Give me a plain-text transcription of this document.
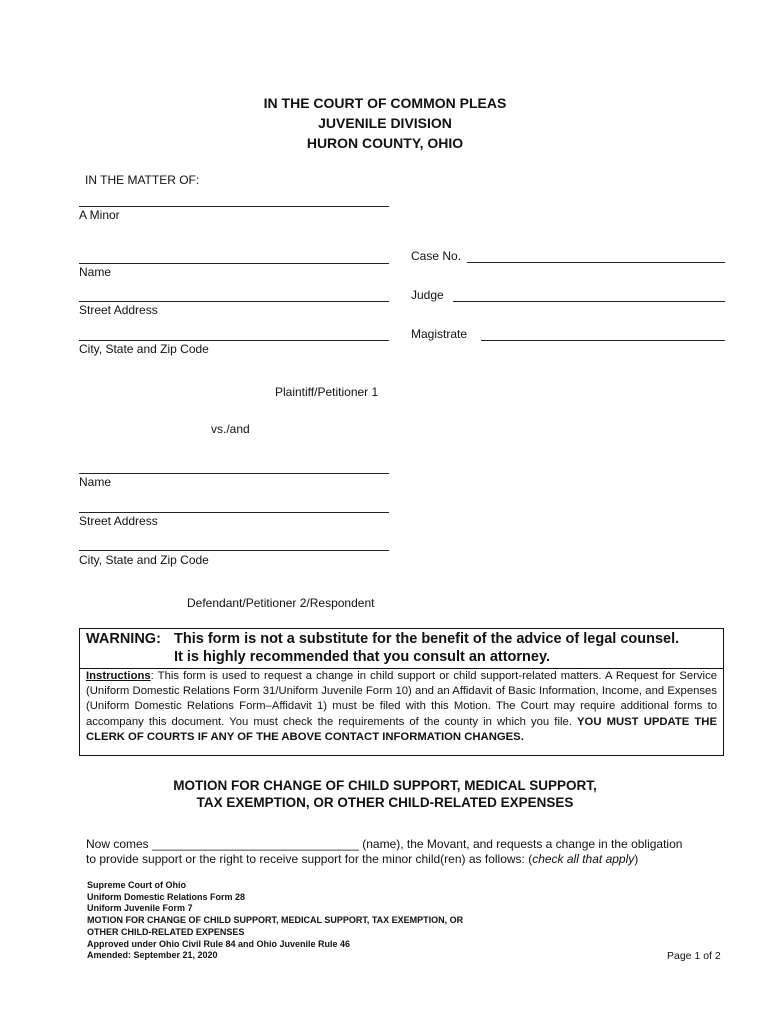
IN THE COURT OF COMMON PLEAS
JUVENILE DIVISION
HURON COUNTY, OHIO
IN THE MATTER OF:
A Minor
Name
Street Address
City, State and Zip Code
Plaintiff/Petitioner 1
Case No.
Judge
Magistrate
vs./and
Name
Street Address
City, State and Zip Code
Defendant/Petitioner 2/Respondent
WARNING: This form is not a substitute for the benefit of the advice of legal counsel.
It is highly recommended that you consult an attorney.
Instructions: This form is used to request a change in child support or child support-related matters. A Request for Service (Uniform Domestic Relations Form 31/Uniform Juvenile Form 10) and an Affidavit of Basic Information, Income, and Expenses (Uniform Domestic Relations Form–Affidavit 1) must be filed with this Motion. The Court may require additional forms to accompany this document. You must check the requirements of the county in which you file. YOU MUST UPDATE THE CLERK OF COURTS IF ANY OF THE ABOVE CONTACT INFORMATION CHANGES.
MOTION FOR CHANGE OF CHILD SUPPORT, MEDICAL SUPPORT,
TAX EXEMPTION, OR OTHER CHILD-RELATED EXPENSES
Now comes _______________________________ (name), the Movant, and requests a change in the obligation
to provide support or the right to receive support for the minor child(ren) as follows: (check all that apply)
Supreme Court of Ohio
Uniform Domestic Relations Form 28
Uniform Juvenile Form 7
MOTION FOR CHANGE OF CHILD SUPPORT, MEDICAL SUPPORT, TAX EXEMPTION, OR
OTHER CHILD-RELATED EXPENSES
Approved under Ohio Civil Rule 84 and Ohio Juvenile Rule 46
Amended: September 21, 2020	Page 1 of 2
